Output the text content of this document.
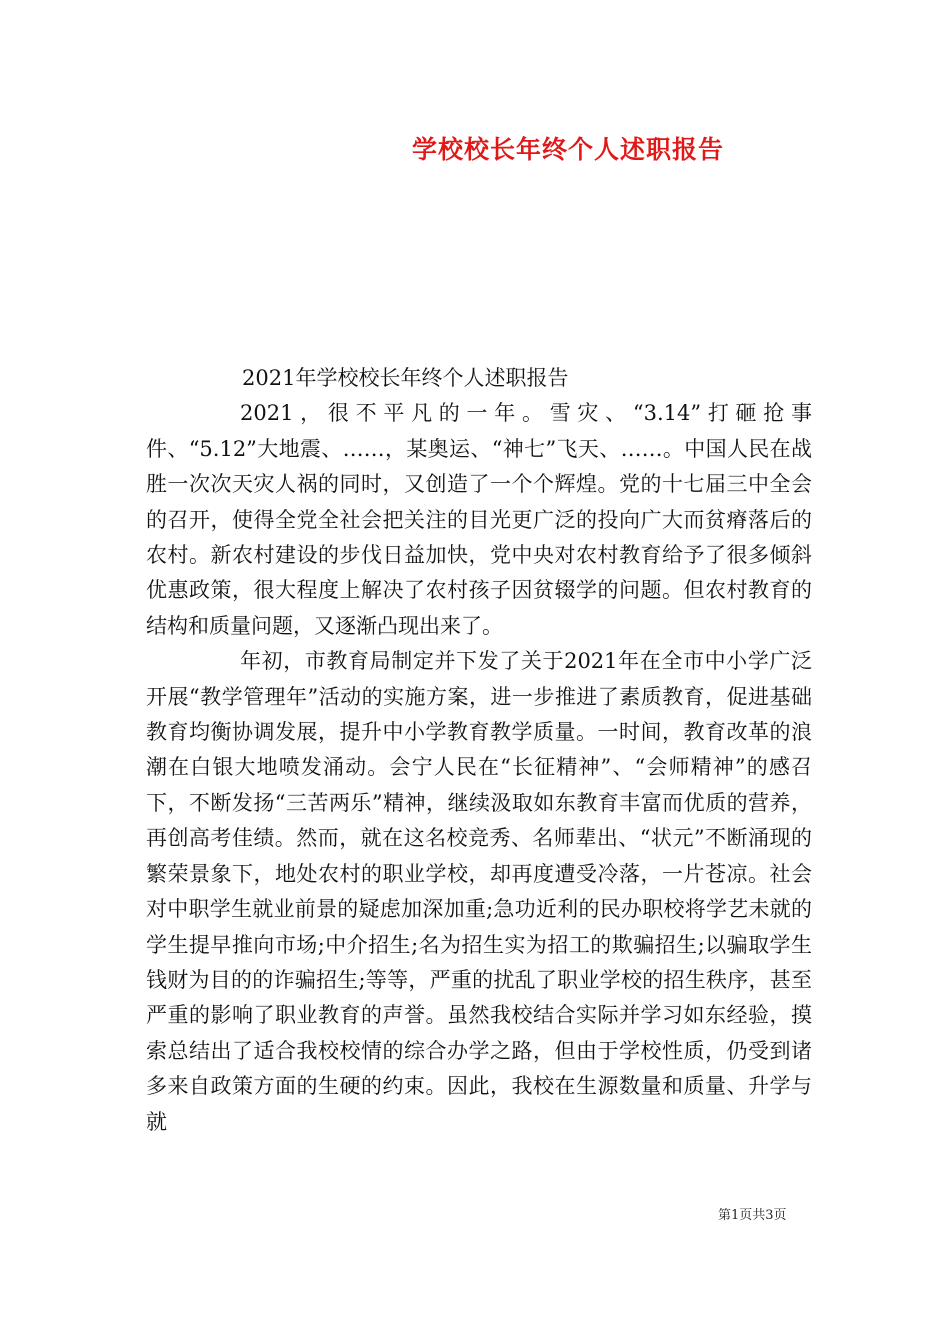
学校校长年终个人述职报告

2021年学校校长年终个人述职报告

2021，很不平凡的一年。雪灾、“3.14”打砸抢事件、“5.12”大地震、……，某奥运、“神七”飞天、……。中国人民在战胜一次次天灾人祸的同时，又创造了一个个辉煌。党的十七届三中全会的召开，使得全党全社会把关注的目光更广泛的投向广大而贫瘠落后的农村。新农村建设的步伐日益加快，党中央对农村教育给予了很多倾斜优惠政策，很大程度上解决了农村孩子因贫辍学的问题。但农村教育的结构和质量问题，又逐渐凸现出来了。

年初，市教育局制定并下发了关于2021年在全市中小学广泛开展“教学管理年”活动的实施方案，进一步推进了素质教育，促进基础教育均衡协调发展，提升中小学教育教学质量。一时间，教育改革的浪潮在白银大地喷发涌动。会宁人民在“长征精神”、“会师精神”的感召下，不断发扬“三苦两乐”精神，继续汲取如东教育丰富而优质的营养，再创高考佳绩。然而，就在这名校竞秀、名师辈出、“状元”不断涌现的繁荣景象下，地处农村的职业学校，却再度遭受冷落，一片苍凉。社会对中职学生就业前景的疑虑加深加重;急功近利的民办职校将学艺未就的学生提早推向市场;中介招生;名为招生实为招工的欺骗招生;以骗取学生钱财为目的的诈骗招生;等等，严重的扰乱了职业学校的招生秩序，甚至严重的影响了职业教育的声誉。虽然我校结合实际并学习如东经验，摸索总结出了适合我校校情的综合办学之路，但由于学校性质，仍受到诸多来自政策方面的生硬的约束。因此，我校在生源数量和质量、升学与就

第1页共3页
